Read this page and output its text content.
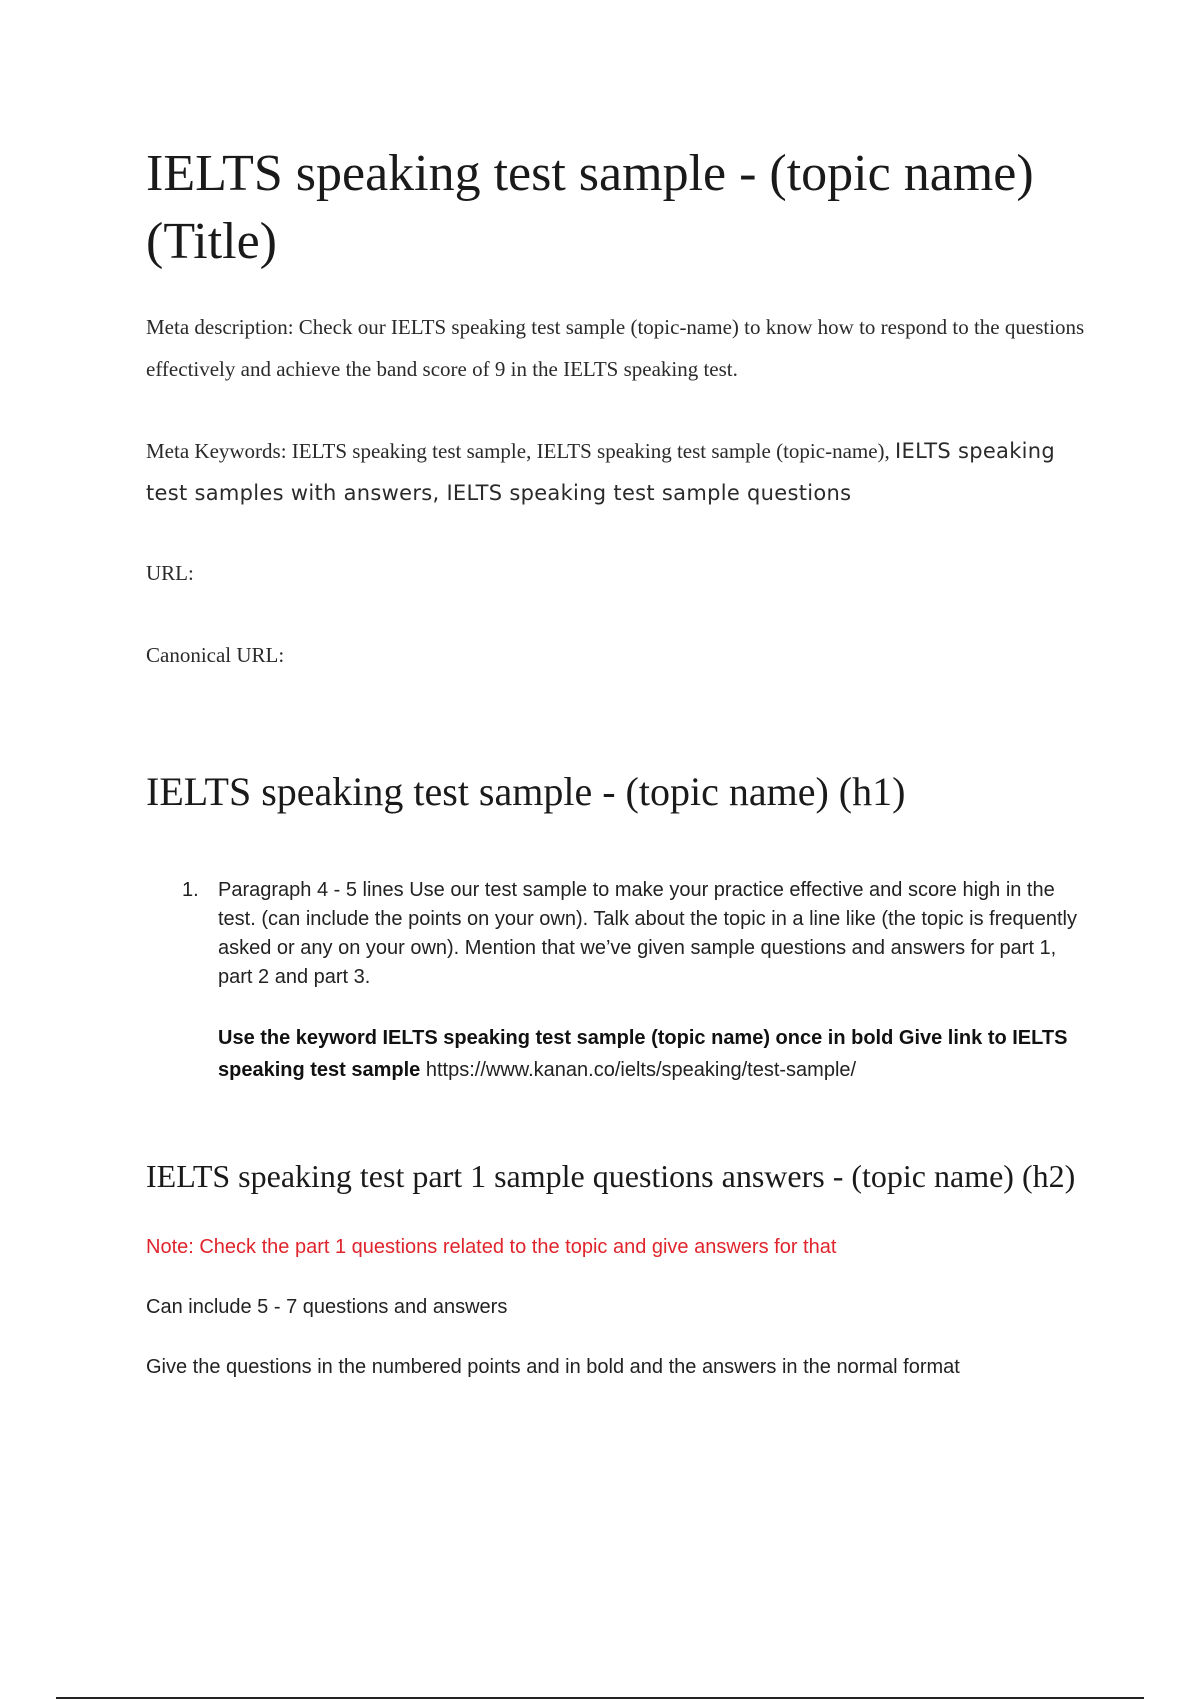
IELTS speaking test sample - (topic name) (Title)

Meta description: Check our IELTS speaking test sample (topic-name) to know how to respond to the questions effectively and achieve the band score of 9 in the IELTS speaking test.

Meta Keywords: IELTS speaking test sample, IELTS speaking test sample (topic-name), IELTS speaking test samples with answers, IELTS speaking test sample questions

URL:

Canonical URL:

IELTS speaking test sample - (topic name) (h1)
1. Paragraph 4 - 5 lines Use our test sample to make your practice effective and score high in the test. (can include the points on your own). Talk about the topic in a line like (the topic is frequently asked or any on your own). Mention that we’ve given sample questions and answers for part 1, part 2 and part 3.

Use the keyword IELTS speaking test sample (topic name) once in bold Give link to IELTS speaking test sample https://www.kanan.co/ielts/speaking/test-sample/

IELTS speaking test part 1 sample questions answers - (topic name) (h2)

Note: Check the part 1 questions related to the topic and give answers for that

Can include 5 - 7 questions and answers

Give the questions in the numbered points and in bold and the answers in the normal format
